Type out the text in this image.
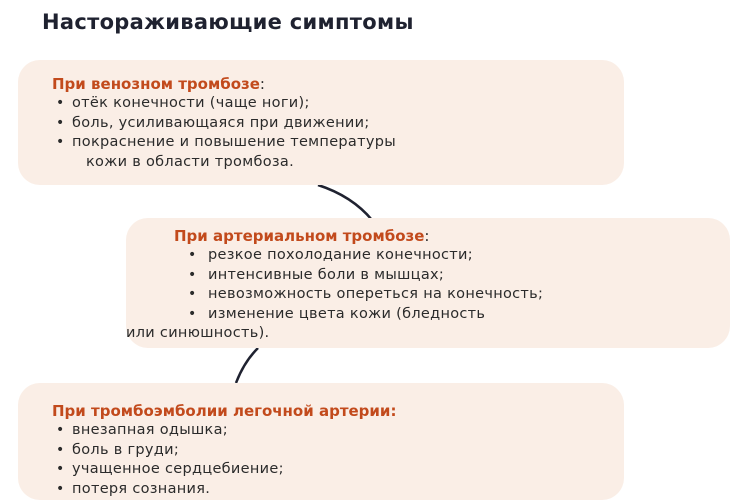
Настораживающие симптомы
При венозном тромбозе:
• отёк конечности (чаще ноги);
• боль, усиливающаяся при движении;
• покраснение и повышение температуры
кожи в области тромбоза.
При артериальном тромбозе:
• резкое похолодание конечности;
• интенсивные боли в мышцах;
• невозможность опереться на конечность;
• изменение цвета кожи (бледность
или синюшность).
При тромбоэмболии легочной артерии:
• внезапная одышка;
• боль в груди;
• учащенное сердцебиение;
• потеря сознания.
